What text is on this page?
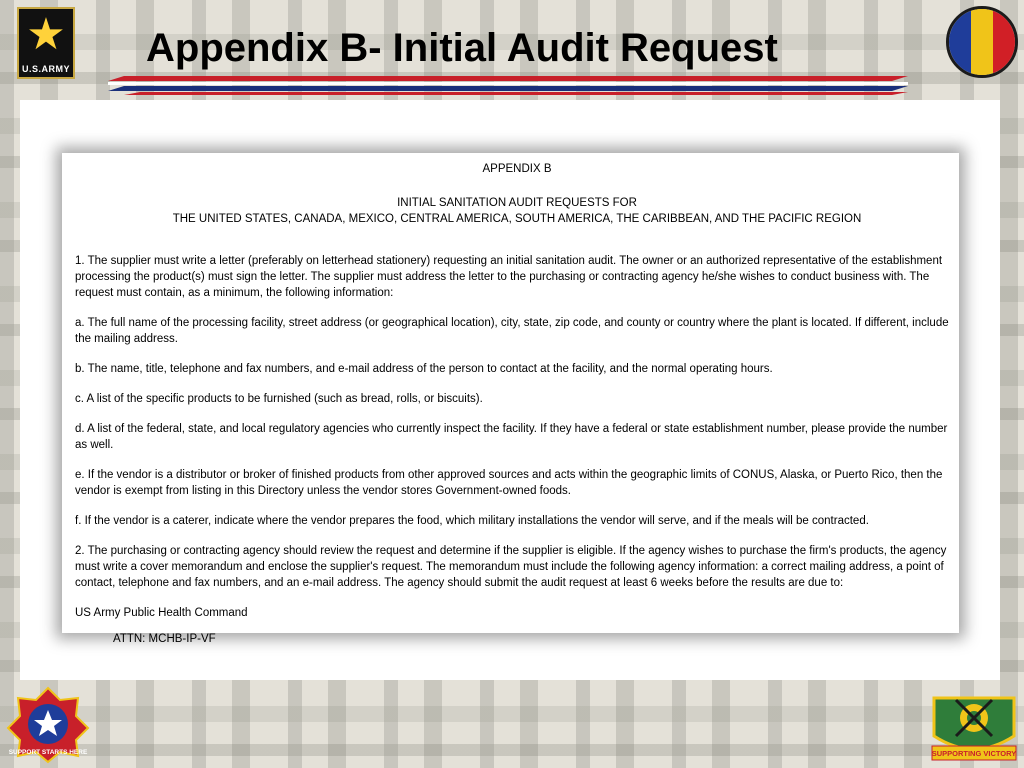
★
U.S.ARMY Appendix B- Initial Audit Request
APPENDIX B
INITIAL SANITATION AUDIT REQUESTS FOR
THE UNITED STATES, CANADA, MEXICO, CENTRAL AMERICA, SOUTH AMERICA, THE CARIBBEAN, AND THE PACIFIC REGION

1. The supplier must write a letter (preferably on letterhead stationery) requesting an initial sanitation audit. The owner or an authorized representative of the establishment processing the product(s) must sign the letter. The supplier must address the letter to the purchasing or contracting agency he/she wishes to conduct business with. The request must contain, as a minimum, the following information:

a. The full name of the processing facility, street address (or geographical location), city, state, zip code, and county or country where the plant is located. If different, include the mailing address.

b. The name, title, telephone and fax numbers, and e-mail address of the person to contact at the facility, and the normal operating hours.

c. A list of the specific products to be furnished (such as bread, rolls, or biscuits).

d. A list of the federal, state, and local regulatory agencies who currently inspect the facility. If they have a federal or state establishment number, please provide the number as well.

e. If the vendor is a distributor or broker of finished products from other approved sources and acts within the geographic limits of CONUS, Alaska, or Puerto Rico, then the vendor is exempt from listing in this Directory unless the vendor stores Government-owned foods.

f. If the vendor is a caterer, indicate where the vendor prepares the food, which military installations the vendor will serve, and if the meals will be contracted.

2. The purchasing or contracting agency should review the request and determine if the supplier is eligible. If the agency wishes to purchase the firm's products, the agency must write a cover memorandum and enclose the supplier's request. The memorandum must include the following agency information: a correct mailing address, a point of contact, telephone and fax numbers, and an e-mail address. The agency should submit the audit request at least 6 weeks before the results are due to:

US Army Public Health Command
ATTN: MCHB-IP-VF
SUPPORT STARTS HERE	SUPPORTING VICTORY
